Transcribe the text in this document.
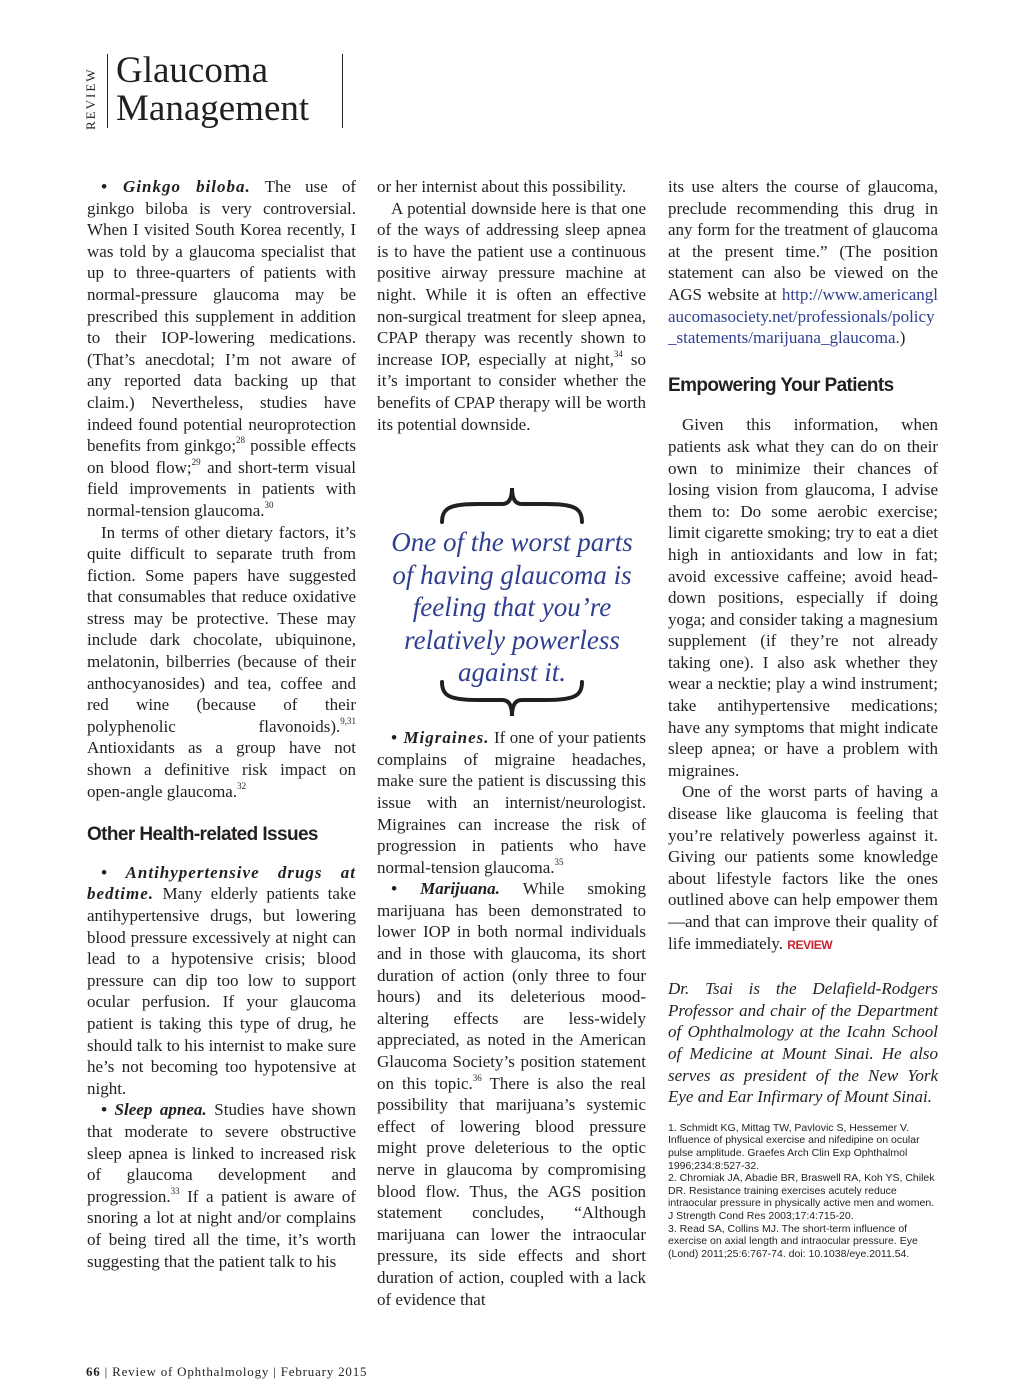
REVIEW Glaucoma
Management

• Ginkgo biloba. The use of ginkgo biloba is very controversial. When I visited South Korea recently, I was told by a glaucoma specialist that up to three-quarters of patients with normal-pressure glaucoma may be prescribed this supplement in addition to their IOP-lowering medications. (That’s anecdotal; I’m not aware of any reported data backing up that claim.) Nevertheless, studies have indeed found potential neuroprotection benefits from ginkgo;$^{28}$ possible effects on blood flow;$^{29}$ and short-term visual field improvements in patients with normal-tension glaucoma.$^{30}$

In terms of other dietary factors, it’s quite difficult to separate truth from fiction. Some papers have suggested that consumables that reduce oxidative stress may be protective. These may include dark chocolate, ubiquinone, melatonin, bilberries (because of their anthocyanosides) and tea, coffee and red wine (because of their polyphenolic flavonoids).$^{9,31}$ Antioxidants as a group have not shown a definitive risk impact on open-angle glaucoma.$^{32}$

Other Health-related Issues

• Antihypertensive drugs at bedtime. Many elderly patients take antihypertensive drugs, but lowering blood pressure excessively at night can lead to a hypotensive crisis; blood pressure can dip too low to support ocular perfusion. If your glaucoma patient is taking this type of drug, he should talk to his internist to make sure he’s not becoming too hypotensive at night.

• Sleep apnea. Studies have shown that moderate to severe obstructive sleep apnea is linked to increased risk of glaucoma development and progression.$^{33}$ If a patient is aware of snoring a lot at night and/or complains of being tired all the time, it’s worth suggesting that the patient talk to his

or her internist about this possibility.

A potential downside here is that one of the ways of addressing sleep apnea is to have the patient use a continuous positive airway pressure machine at night. While it is often an effective non-surgical treatment for sleep apnea, CPAP therapy was recently shown to increase IOP, especially at night,$^{34}$ so it’s important to consider whether the benefits of CPAP therapy will be worth its potential downside.

• Migraines. If one of your patients complains of migraine headaches, make sure the patient is discussing this issue with an internist/neurologist. Migraines can increase the risk of progression in patients who have normal-tension glaucoma.$^{35}$

• Marijuana. While smoking marijuana has been demonstrated to lower IOP in both normal individuals and in those with glaucoma, its short duration of action (only three to four hours) and its deleterious mood-altering effects are less-widely appreciated, as noted in the American Glaucoma Society’s position statement on this topic.$^{36}$ There is also the real possibility that marijuana’s systemic effect of lowering blood pressure might prove deleterious to the optic nerve in glaucoma by compromising blood flow. Thus, the AGS position statement concludes, “Although marijuana can lower the intraocular pressure, its side effects and short duration of action, coupled with a lack of evidence that

One of the worst parts of having glaucoma is feeling that you’re relatively powerless against it.

its use alters the course of glaucoma, preclude recommending this drug in any form for the treatment of glaucoma at the present time.” (The position statement can also be viewed on the AGS website at http://www.americanglaucomasociety.net/professionals/policy_statements/marijuana_glaucoma.)

Empowering Your Patients

Given this information, when patients ask what they can do on their own to minimize their chances of losing vision from glaucoma, I advise them to: Do some aerobic exercise; limit cigarette smoking; try to eat a diet high in antioxidants and low in fat; avoid excessive caffeine; avoid head-down positions, especially if doing yoga; and consider taking a magnesium supplement (if they’re not already taking one). I also ask whether they wear a necktie; play a wind instrument; take antihypertensive medications; have any symptoms that might indicate sleep apnea; or have a problem with migraines.

One of the worst parts of having a disease like glaucoma is feeling that you’re relatively powerless against it. Giving our patients some knowledge about lifestyle factors like the ones outlined above can help empower them—and that can improve their quality of life immediately. REVIEW

Dr. Tsai is the Delafield-Rodgers Professor and chair of the Department of Ophthalmology at the Icahn School of Medicine at Mount Sinai. He also serves as president of the New York Eye and Ear Infirmary of Mount Sinai.

1. Schmidt KG, Mittag TW, Pavlovic S, Hessemer V. Influence of physical exercise and nifedipine on ocular pulse amplitude. Graefes Arch Clin Exp Ophthalmol 1996;234:8:527-32.
2. Chromiak JA, Abadie BR, Braswell RA, Koh YS, Chilek DR. Resistance training exercises acutely reduce intraocular pressure in physically active men and women. J Strength Cond Res 2003;17:4:715-20.
3. Read SA, Collins MJ. The short-term influence of exercise on axial length and intraocular pressure. Eye (Lond) 2011;25:6:767-74. doi: 10.1038/eye.2011.54.
66 | Review of Ophthalmology | February 2015
